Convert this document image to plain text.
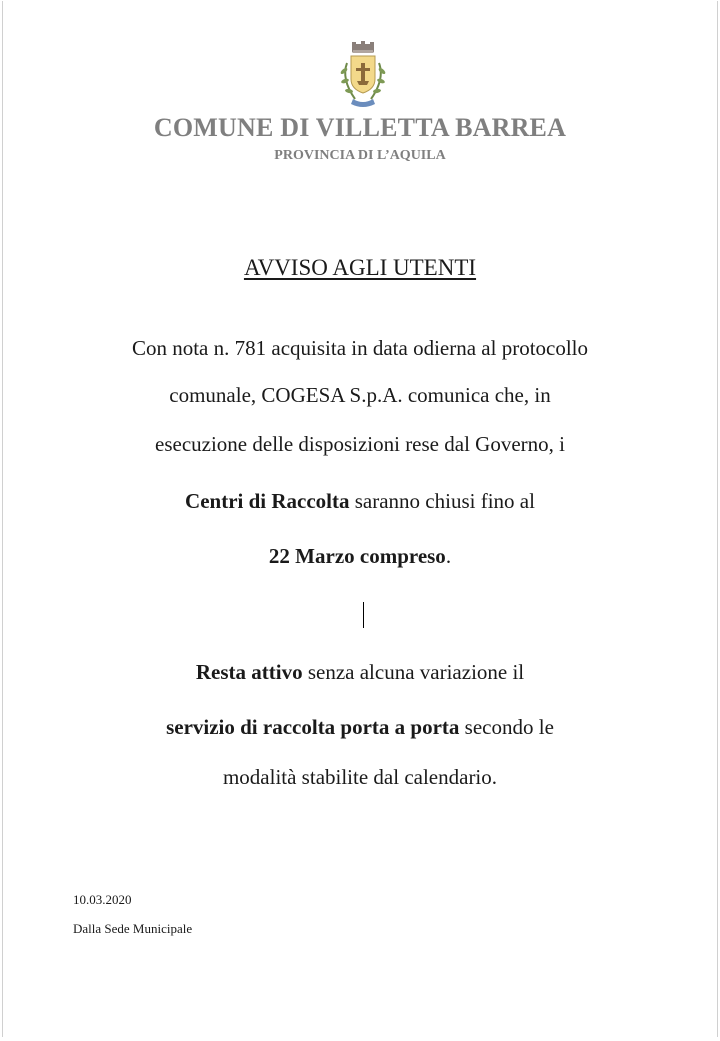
COMUNE DI VILLETTA BARREA
PROVINCIA DI L’AQUILA
AVVISO AGLI UTENTI
Con nota n. 781 acquisita in data odierna al protocollo
comunale, COGESA S.p.A. comunica che, in
esecuzione delle disposizioni rese dal Governo, i
Centri di Raccolta saranno chiusi fino al
22 Marzo compreso.
Resta attivo senza alcuna variazione il
servizio di raccolta porta a porta secondo le
modalità stabilite dal calendario.
10.03.2020
Dalla Sede Municipale
